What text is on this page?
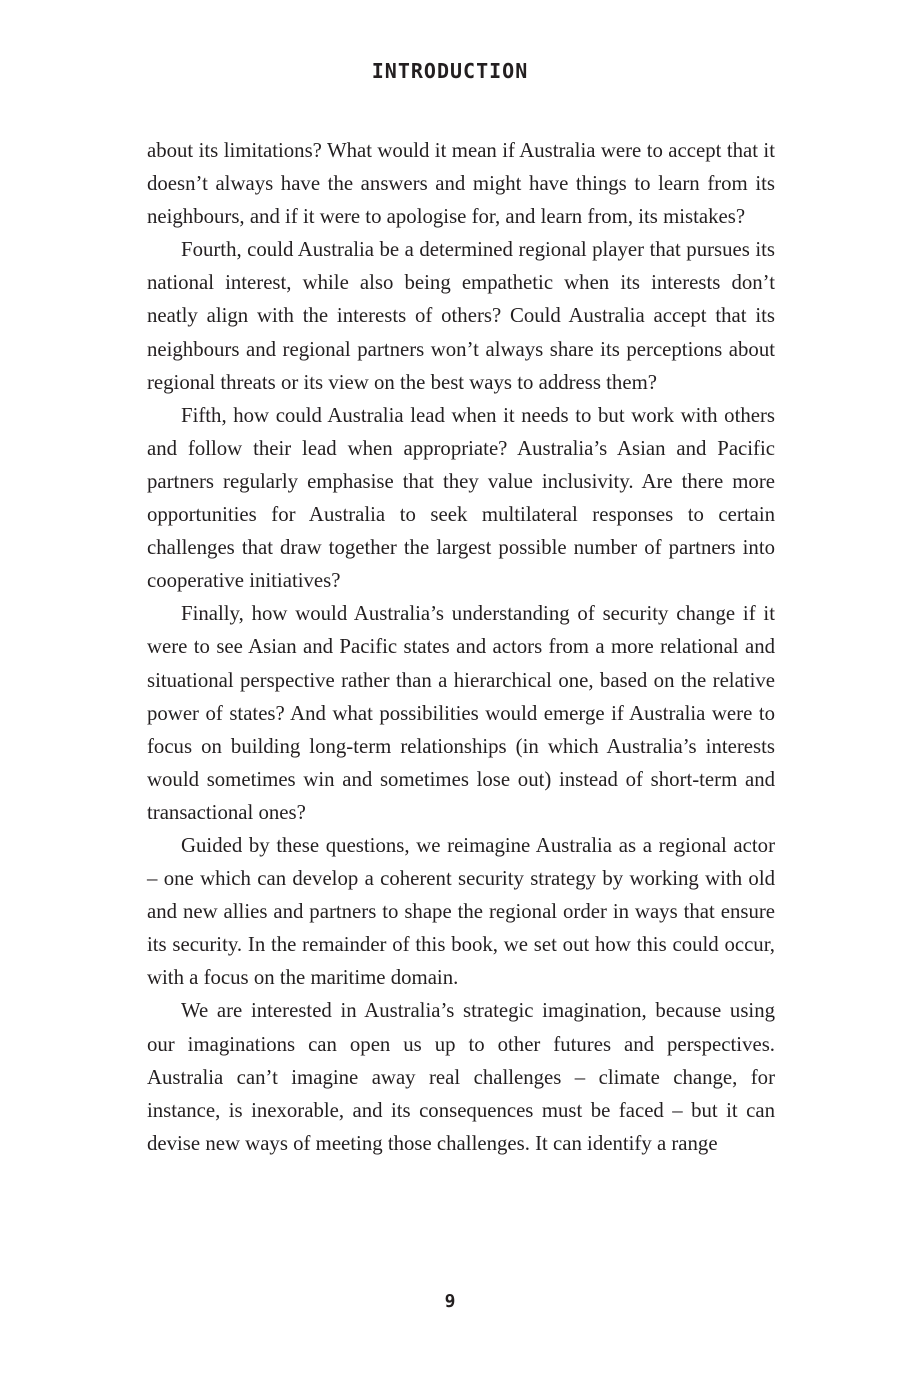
INTRODUCTION

about its limitations? What would it mean if Australia were to accept that it doesn’t always have the answers and might have things to learn from its neighbours, and if it were to apologise for, and learn from, its mistakes?

Fourth, could Australia be a determined regional player that pursues its national interest, while also being empathetic when its interests don’t neatly align with the interests of others? Could Australia accept that its neighbours and regional partners won’t always share its perceptions about regional threats or its view on the best ways to address them?

Fifth, how could Australia lead when it needs to but work with others and follow their lead when appropriate? Australia’s Asian and Pacific partners regularly emphasise that they value inclusivity. Are there more opportunities for Australia to seek multilateral responses to certain challenges that draw together the largest possible number of partners into cooperative initiatives?

Finally, how would Australia’s understanding of security change if it were to see Asian and Pacific states and actors from a more relational and situational perspective rather than a hierarchical one, based on the relative power of states? And what possibilities would emerge if Australia were to focus on building long-term relationships (in which Australia’s interests would sometimes win and sometimes lose out) instead of short-term and transactional ones?

Guided by these questions, we reimagine Australia as a regional actor – one which can develop a coherent security strategy by working with old and new allies and partners to shape the regional order in ways that ensure its security. In the remainder of this book, we set out how this could occur, with a focus on the maritime domain.

We are interested in Australia’s strategic imagination, because using our imaginations can open us up to other futures and perspectives. Australia can’t imagine away real challenges – climate change, for instance, is inexorable, and its consequences must be faced – but it can devise new ways of meeting those challenges. It can identify a range

9
